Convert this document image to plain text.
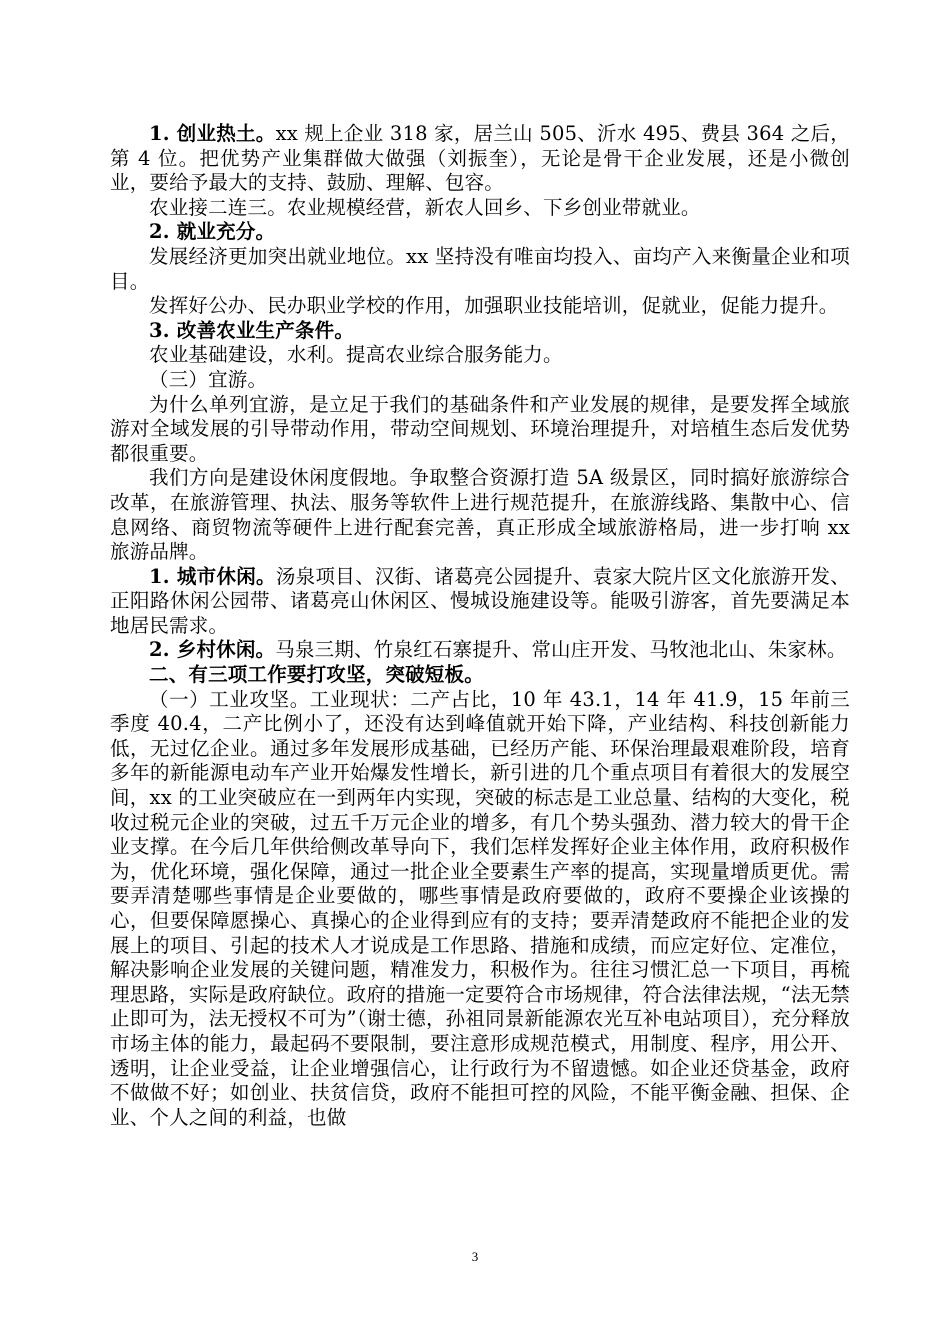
1. 创业热土。xx 规上企业 318 家，居兰山 505、沂水 495、费县 364 之后，第 4 位。把优势产业集群做大做强（刘振奎），无论是骨干企业发展，还是小微创业，要给予最大的支持、鼓励、理解、包容。

农业接二连三。农业规模经营，新农人回乡、下乡创业带就业。

2. 就业充分。

发展经济更加突出就业地位。xx 坚持没有唯亩均投入、亩均产入来衡量企业和项目。

发挥好公办、民办职业学校的作用，加强职业技能培训，促就业，促能力提升。

3. 改善农业生产条件。

农业基础建设，水利。提高农业综合服务能力。

（三）宜游。

为什么单列宜游，是立足于我们的基础条件和产业发展的规律，是要发挥全域旅游对全域发展的引导带动作用，带动空间规划、环境治理提升，对培植生态后发优势都很重要。

我们方向是建设休闲度假地。争取整合资源打造 5A 级景区，同时搞好旅游综合改革，在旅游管理、执法、服务等软件上进行规范提升，在旅游线路、集散中心、信息网络、商贸物流等硬件上进行配套完善，真正形成全域旅游格局，进一步打响 xx 旅游品牌。

1. 城市休闲。汤泉项目、汉街、诸葛亮公园提升、袁家大院片区文化旅游开发、正阳路休闲公园带、诸葛亮山休闲区、慢城设施建设等。能吸引游客，首先要满足本地居民需求。

2. 乡村休闲。马泉三期、竹泉红石寨提升、常山庄开发、马牧池北山、朱家林。

二、有三项工作要打攻坚，突破短板。

（一）工业攻坚。工业现状：二产占比，10 年 43.1，14 年 41.9，15 年前三季度 40.4，二产比例小了，还没有达到峰值就开始下降，产业结构、科技创新能力低，无过亿企业。通过多年发展形成基础，已经历产能、环保治理最艰难阶段，培育多年的新能源电动车产业开始爆发性增长，新引进的几个重点项目有着很大的发展空间，xx 的工业突破应在一到两年内实现，突破的标志是工业总量、结构的大变化，税收过税元企业的突破，过五千万元企业的增多，有几个势头强劲、潜力较大的骨干企业支撑。在今后几年供给侧改革导向下，我们怎样发挥好企业主体作用，政府积极作为，优化环境，强化保障，通过一批企业全要素生产率的提高，实现量增质更优。需要弄清楚哪些事情是企业要做的，哪些事情是政府要做的，政府不要操企业该操的心，但要保障愿操心、真操心的企业得到应有的支持；要弄清楚政府不能把企业的发展上的项目、引起的技术人才说成是工作思路、措施和成绩，而应定好位、定准位，解决影响企业发展的关键问题，精准发力，积极作为。往往习惯汇总一下项目，再梳理思路，实际是政府缺位。政府的措施一定要符合市场规律，符合法律法规，“法无禁止即可为，法无授权不可为”（谢士德，孙祖同景新能源农光互补电站项目），充分释放市场主体的能力，最起码不要限制，要注意形成规范模式，用制度、程序，用公开、透明，让企业受益，让企业增强信心，让行政行为不留遗憾。如企业还贷基金，政府不做做不好；如创业、扶贫信贷，政府不能担可控的风险，不能平衡金融、担保、企业、个人之间的利益，也做

3
